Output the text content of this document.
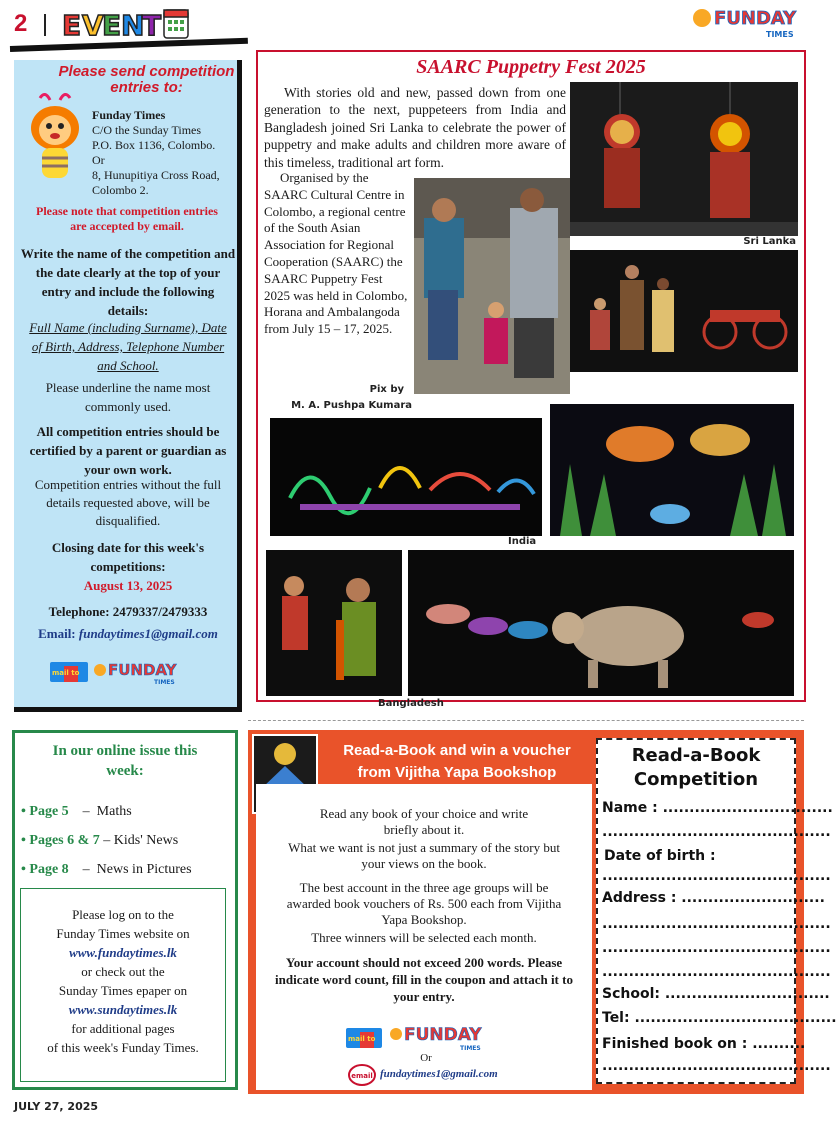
2 E V
E N
T	FUNDAY
TIMES
Please send competition entries to:
Funday Times
C/O the Sunday Times
P.O. Box 1136, Colombo.
Or
8, Hunupitiya Cross Road,
Colombo 2.
Please note that competition entries are accepted by email.
Write the name of the competition and the date clearly at the top of your entry and include the following details:
Full Name (including Surname), Date of Birth, Address, Telephone Number and School.
Please underline the name most commonly used.
All competition entries should be certified by a parent or guardian as your own work.
Competition entries without the full details requested above, will be disqualified.
Closing date for this week's competitions:
August 13, 2025
Telephone: 2479337/2479333
Email: fundaytimes1@gmail.com
mail to FUNDAY
TIMES
SAARC Puppetry Fest 2025
With stories old and new, passed down from one generation to the next, puppeteers from India and Bangladesh joined Sri Lanka to celebrate the power of puppetry and make adults and children more aware of this timeless, traditional art form.
Organised by the SAARC Cultural Centre in Colombo, a regional centre of the South Asian Association for Regional Cooperation (SAARC) the SAARC Puppetry Fest 2025 was held in Colombo, Horana and Ambalangoda from July 15 – 17, 2025.
Pix by
M. A. Pushpa Kumara
Sri Lanka
India
Bangladesh
In our online issue this week:
• Page 5 – Maths
• Pages 6 & 7 – Kids' News
• Page 8 – News in Pictures
Please log on to the
Funday Times website on
www.fundaytimes.lk
or check out the
Sunday Times epaper on
www.sundaytimes.lk
for additional pages
of this week's Funday Times.
Read-a-Book and win a voucher
from Vijitha Yapa Bookshop
Read any book of your choice and write briefly about it.
What we want is not just a summary of the story but your views on the book.
The best account in the three age groups will be awarded book vouchers of Rs. 500 each from Vijitha Yapa Bookshop.
Three winners will be selected each month.
Your account should not exceed 200 words. Please indicate word count, fill in the coupon and attach it to your entry.
mail to FUNDAY
TIMES
Or
email fundaytimes1@gmail.com
Read-a-Book
Competition
Name : ................................
...........................................
Date of birth :
...........................................
Address : ...........................
...........................................
...........................................
...........................................
School: ...............................
Tel: ......................................
Finished book on : ..........
...........................................
JULY 27, 2025
